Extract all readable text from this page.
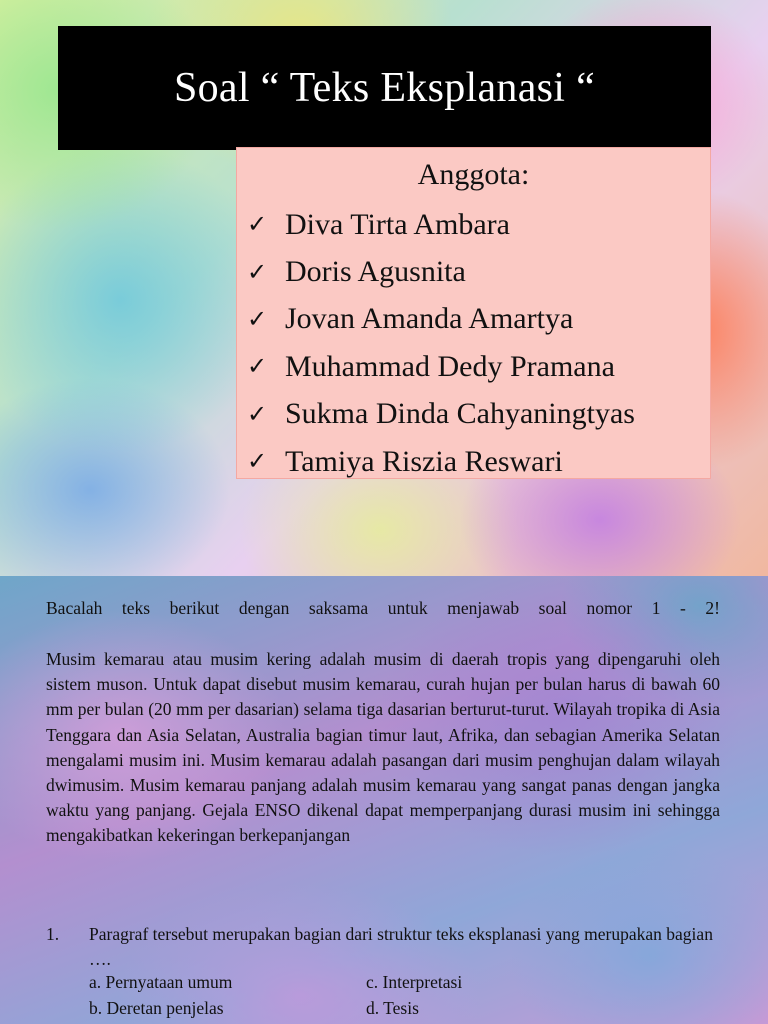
Soal “ Teks Eksplanasi “
Anggota:
✓ Diva Tirta Ambara
✓ Doris Agusnita
✓ Jovan Amanda Amartya
✓ Muhammad Dedy Pramana
✓ Sukma Dinda Cahyaningtyas
✓ Tamiya Riszia Reswari
Bacalah teks berikut dengan saksama untuk menjawab soal nomor 1 - 2!
Musim kemarau atau musim kering adalah musim di daerah tropis yang dipengaruhi oleh sistem muson. Untuk dapat disebut musim kemarau, curah hujan per bulan harus di bawah 60 mm per bulan (20 mm per dasarian) selama tiga dasarian berturut-turut. Wilayah tropika di Asia Tenggara dan Asia Selatan, Australia bagian timur laut, Afrika, dan sebagian Amerika Selatan mengalami musim ini. Musim kemarau adalah pasangan dari musim penghujan dalam wilayah dwimusim. Musim kemarau panjang adalah musim kemarau yang sangat panas dengan jangka waktu yang panjang. Gejala ENSO dikenal dapat memperpanjang durasi musim ini sehingga mengakibatkan kekeringan berkepanjangan
1. Paragraf tersebut merupakan bagian dari struktur teks eksplanasi yang merupakan bagian ….
a. Pernyataan umum	c. Interpretasi
b. Deretan penjelas	d. Tesis
